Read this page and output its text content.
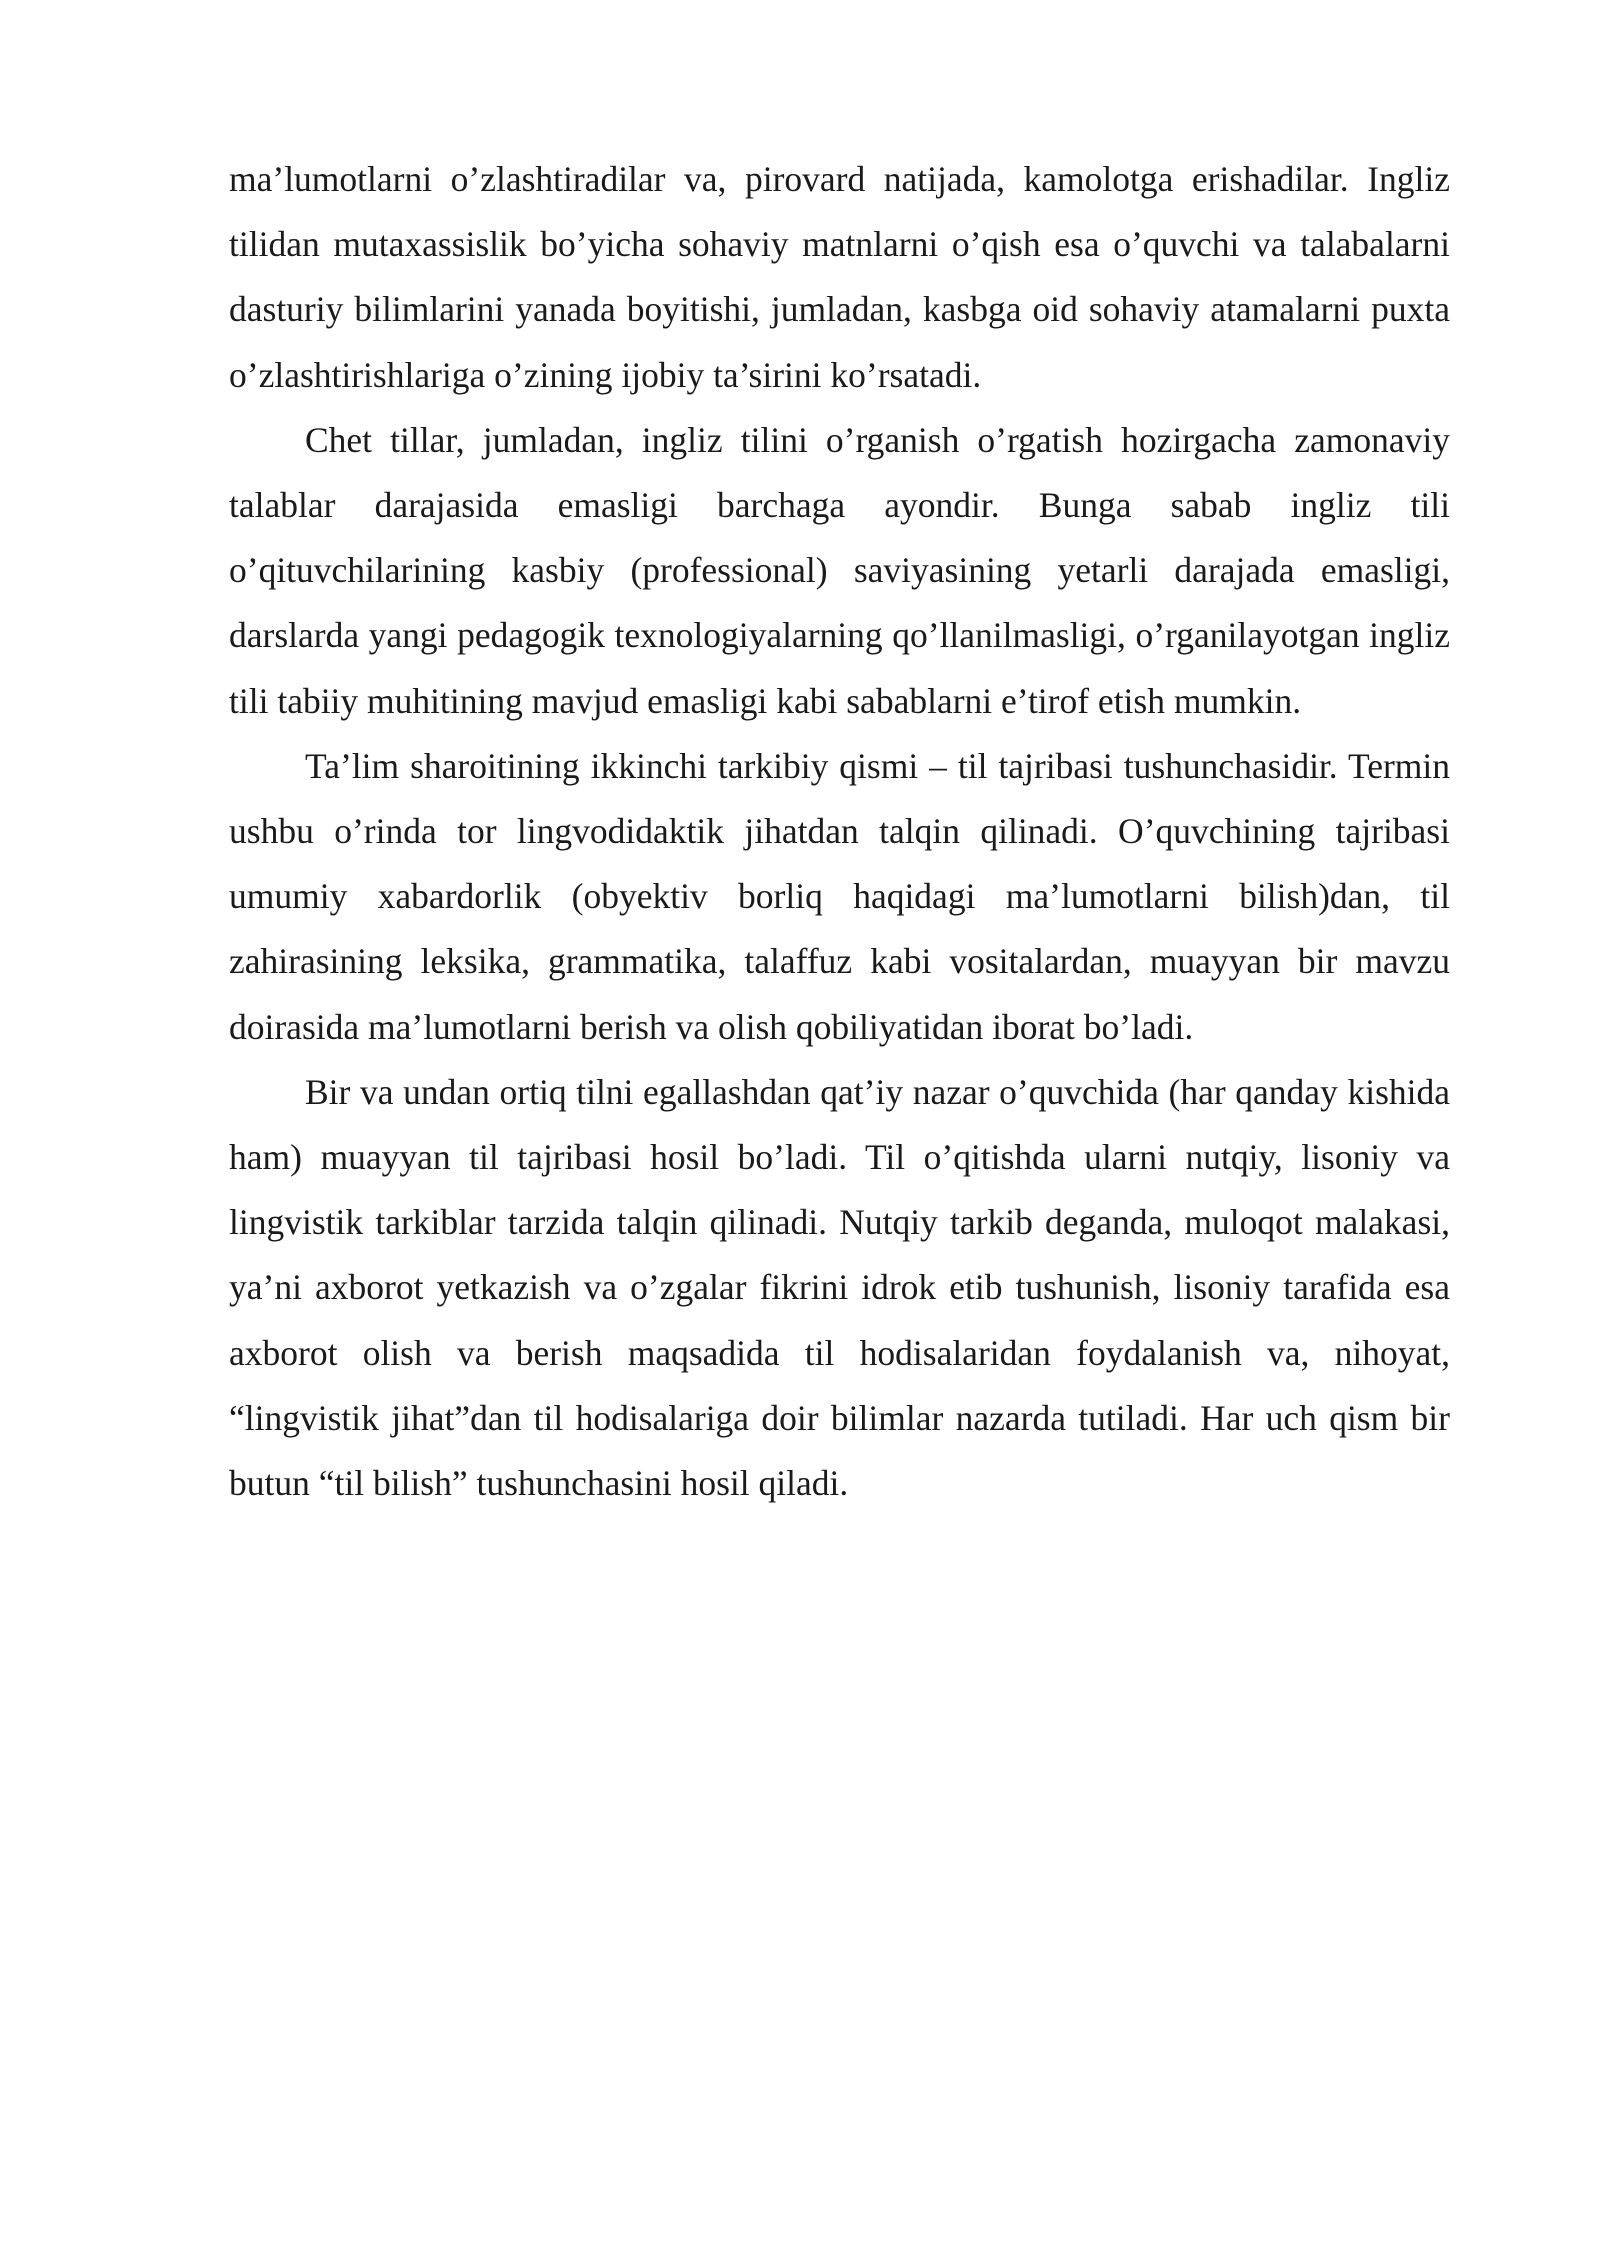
ma’lumotlarni o’zlashtiradilar va, pirovard natijada, kamolotga erishadilar. Ingliz tilidan mutaxassislik bo’yicha sohaviy matnlarni o’qish esa o’quvchi va talabalarni dasturiy bilimlarini yanada boyitishi, jumladan, kasbga oid sohaviy atamalarni puxta o’zlashtirishlariga o’zining ijobiy ta’sirini ko’rsatadi.

Chet tillar, jumladan, ingliz tilini o’rganish o’rgatish hozirgacha zamonaviy talablar darajasida emasligi barchaga ayondir. Bunga sabab ingliz tili o’qituvchilarining kasbiy (professional) saviyasining yetarli darajada emasligi, darslarda yangi pedagogik texnologiyalarning qo’llanilmasligi, o’rganilayotgan ingliz tili tabiiy muhitining mavjud emasligi kabi sabablarni e’tirof etish mumkin.

Ta’lim sharoitining ikkinchi tarkibiy qismi – til tajribasi tushunchasidir. Termin ushbu o’rinda tor lingvodidaktik jihatdan talqin qilinadi. O’quvchining tajribasi umumiy xabardorlik (obyektiv borliq haqidagi ma’lumotlarni bilish)dan, til zahirasining leksika, grammatika, talaffuz kabi vositalardan, muayyan bir mavzu doirasida ma’lumotlarni berish va olish qobiliyatidan iborat bo’ladi.

Bir va undan ortiq tilni egallashdan qat’iy nazar o’quvchida (har qanday kishida ham) muayyan til tajribasi hosil bo’ladi. Til o’qitishda ularni nutqiy, lisoniy va lingvistik tarkiblar tarzida talqin qilinadi. Nutqiy tarkib deganda, muloqot malakasi, ya’ni axborot yetkazish va o’zgalar fikrini idrok etib tushunish, lisoniy tarafida esa axborot olish va berish maqsadida til hodisalaridan foydalanish va, nihoyat, “lingvistik jihat”dan til hodisalariga doir bilimlar nazarda tutiladi. Har uch qism bir butun “til bilish” tushunchasini hosil qiladi.
